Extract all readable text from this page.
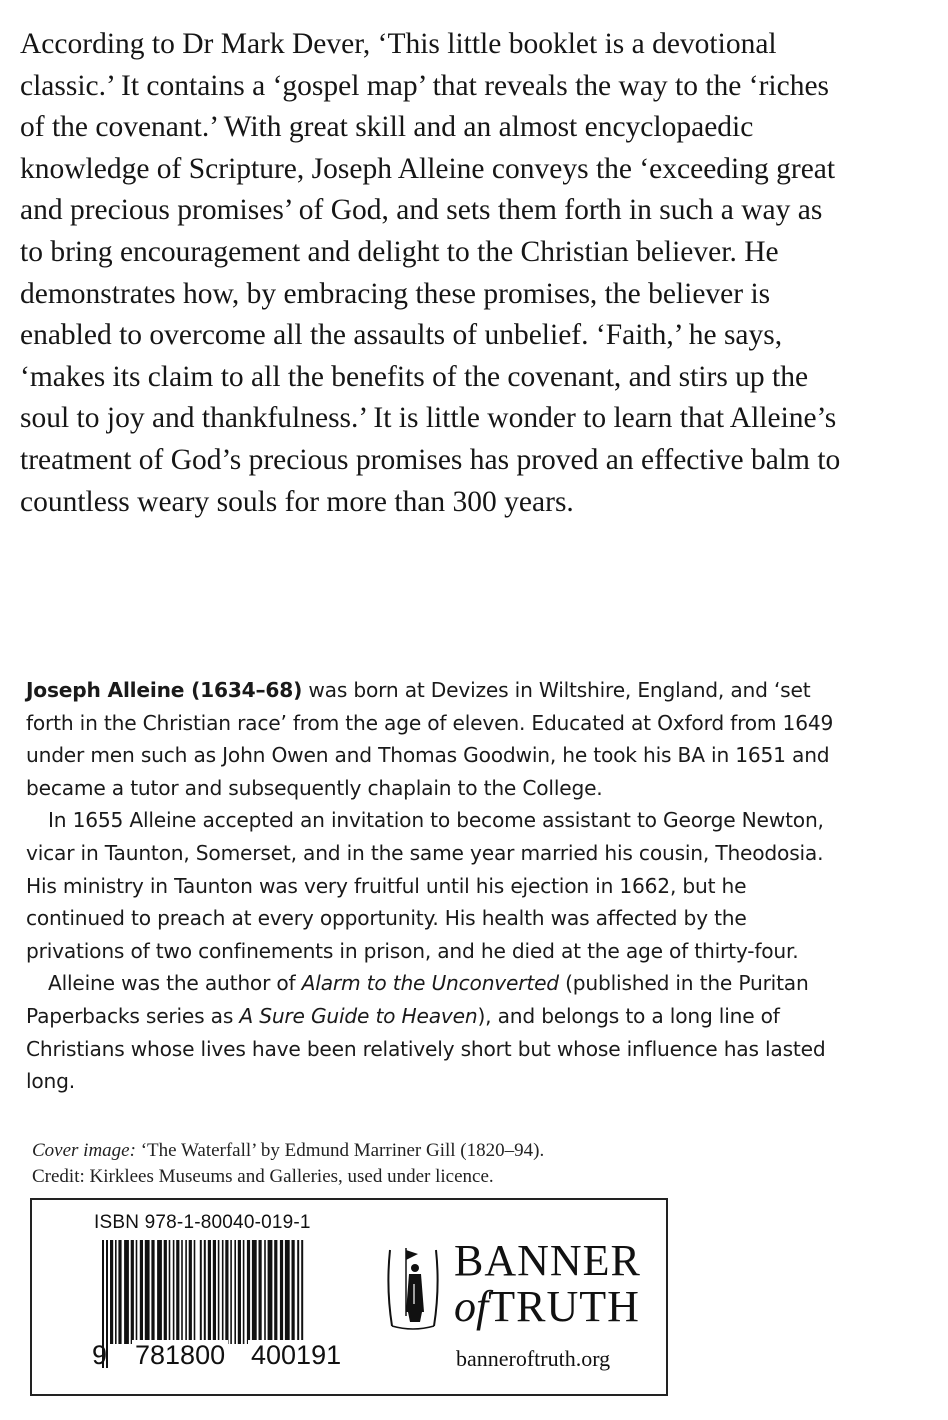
According to Dr Mark Dever, ‘This little booklet is a devotional classic.’ It contains a ‘gospel map’ that reveals the way to the ‘riches of the covenant.’ With great skill and an almost encyclopaedic knowledge of Scripture, Joseph Alleine conveys the ‘exceeding great and precious promises’ of God, and sets them forth in such a way as to bring encouragement and delight to the Christian believer. He demonstrates how, by embracing these promises, the believer is enabled to overcome all the assaults of unbelief. ‘Faith,’ he says, ‘makes its claim to all the benefits of the covenant, and stirs up the soul to joy and thankfulness.’ It is little wonder to learn that Alleine’s treatment of God’s precious promises has proved an effective balm to countless weary souls for more than 300 years.

Joseph Alleine (1634–68) was born at Devizes in Wiltshire, England, and ‘set forth in the Christian race’ from the age of eleven. Educated at Oxford from 1649 under men such as John Owen and Thomas Goodwin, he took his BA in 1651 and became a tutor and subsequently chaplain to the College.

In 1655 Alleine accepted an invitation to become assistant to George Newton, vicar in Taunton, Somerset, and in the same year married his cousin, Theodosia. His ministry in Taunton was very fruitful until his ejection in 1662, but he continued to preach at every opportunity. His health was affected by the privations of two confinements in prison, and he died at the age of thirty-four.

Alleine was the author of Alarm to the Unconverted (published in the Puritan Paperbacks series as A Sure Guide to Heaven), and belongs to a long line of Christians whose lives have been relatively short but whose influence has lasted long.

Cover image: ‘The Waterfall’ by Edmund Marriner Gill (1820–94).
Credit: Kirklees Museums and Galleries, used under licence.
ISBN 978-1-80040-019-1
9 781800 400191
BANNER
ofTRUTH
banneroftruth.org
